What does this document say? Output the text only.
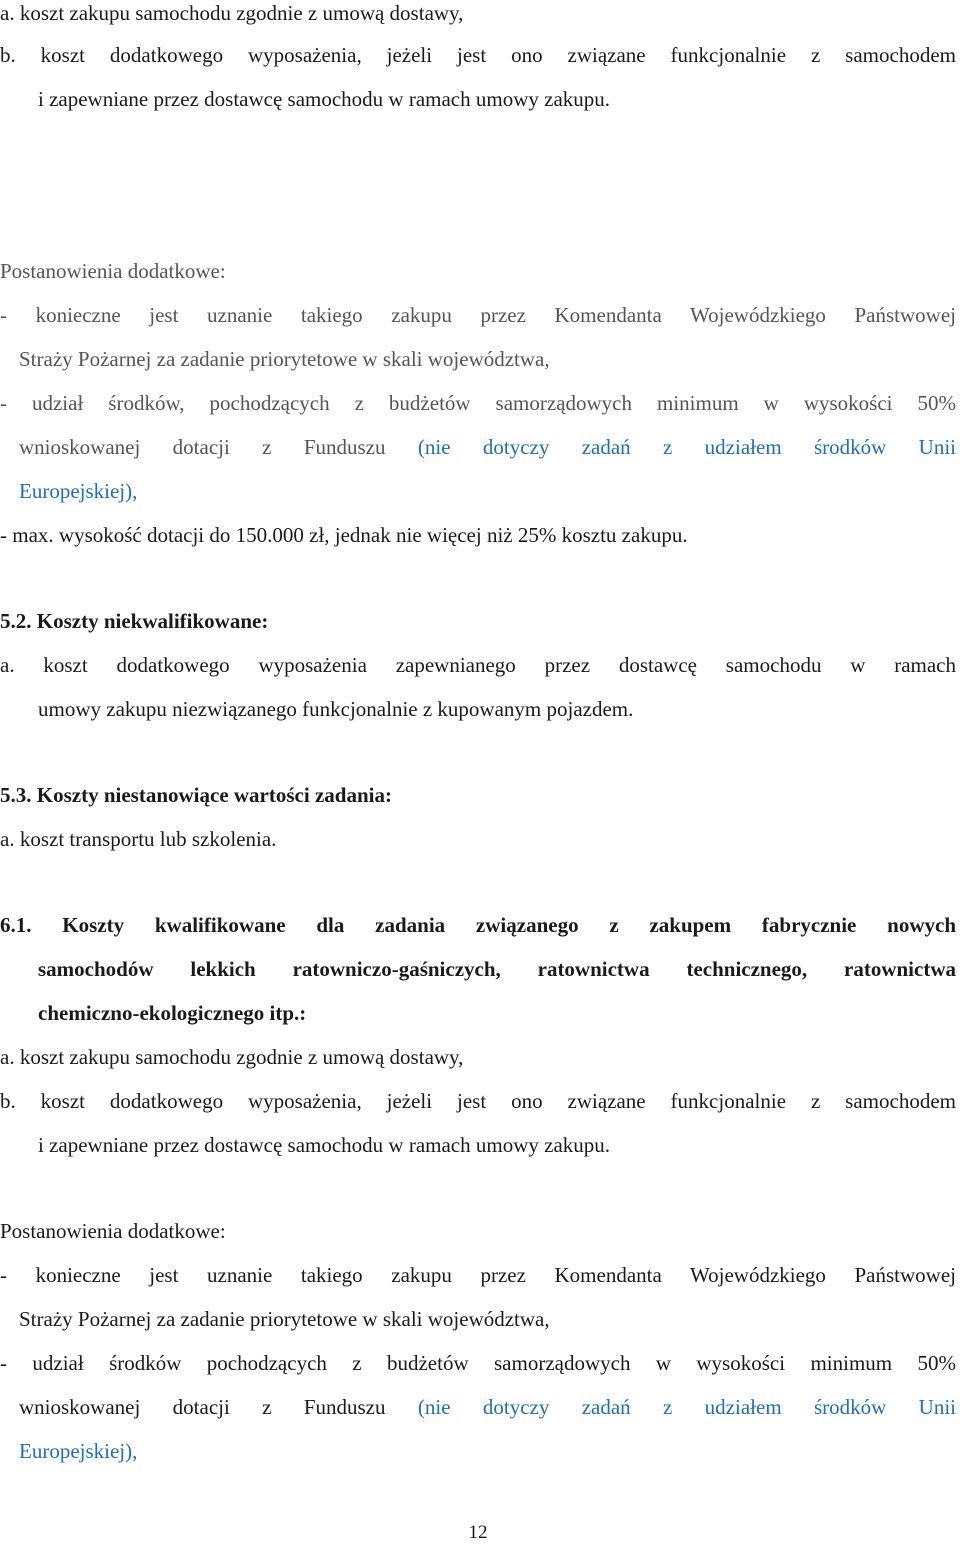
a. koszt zakupu samochodu zgodnie z umową dostawy,
b. koszt dodatkowego wyposażenia, jeżeli jest ono związane funkcjonalnie z samochodem
i zapewniane przez dostawcę samochodu w ramach umowy zakupu.
Postanowienia dodatkowe:
- konieczne jest uznanie takiego zakupu przez Komendanta Wojewódzkiego Państwowej
Straży Pożarnej za zadanie priorytetowe w skali województwa,
- udział środków, pochodzących z budżetów samorządowych minimum w wysokości 50%
wnioskowanej dotacji z Funduszu (nie dotyczy zadań z udziałem środków Unii
Europejskiej),
- max. wysokość dotacji do 150.000 zł, jednak nie więcej niż 25% kosztu zakupu.
5.2. Koszty niekwalifikowane:
a. koszt dodatkowego wyposażenia zapewnianego przez dostawcę samochodu w ramach
umowy zakupu niezwiązanego funkcjonalnie z kupowanym pojazdem.
5.3. Koszty niestanowiące wartości zadania:
a. koszt transportu lub szkolenia.
6.1. Koszty kwalifikowane dla zadania związanego z zakupem fabrycznie nowych
samochodów lekkich ratowniczo-gaśniczych, ratownictwa technicznego, ratownictwa
chemiczno-ekologicznego itp.:
a. koszt zakupu samochodu zgodnie z umową dostawy,
b. koszt dodatkowego wyposażenia, jeżeli jest ono związane funkcjonalnie z samochodem
i zapewniane przez dostawcę samochodu w ramach umowy zakupu.
Postanowienia dodatkowe:
- konieczne jest uznanie takiego zakupu przez Komendanta Wojewódzkiego Państwowej
Straży Pożarnej za zadanie priorytetowe w skali województwa,
- udział środków pochodzących z budżetów samorządowych w wysokości minimum 50%
wnioskowanej dotacji z Funduszu (nie dotyczy zadań z udziałem środków Unii
Europejskiej),
12
